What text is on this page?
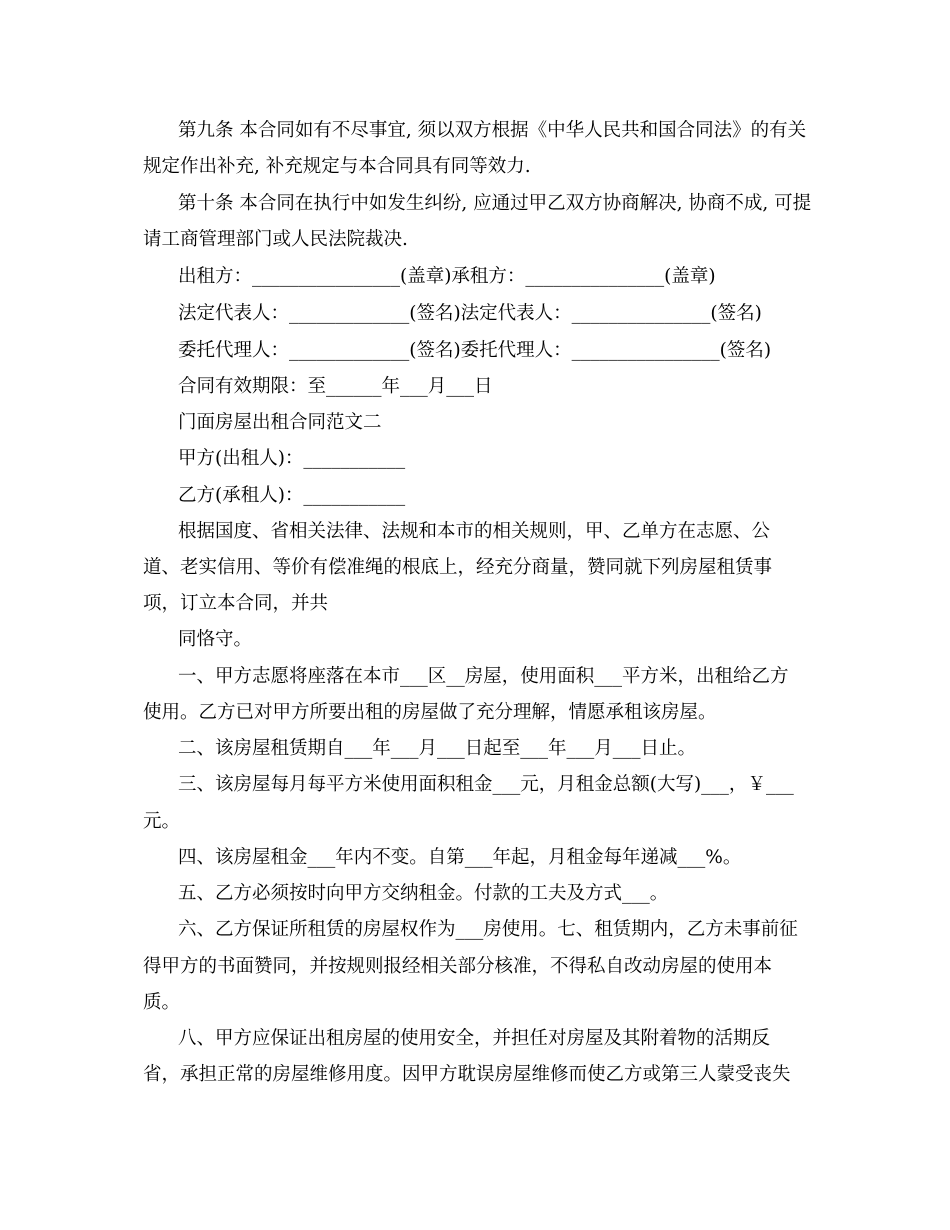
第九条 本合同如有不尽事宜, 须以双方根据《中华人民共和国合同法》的有关
规定作出补充, 补充规定与本合同具有同等效力.
第十条 本合同在执行中如发生纠纷, 应通过甲乙双方协商解决, 协商不成, 可提
请工商管理部门或人民法院裁决.
出租方：________________(盖章)承租方：_______________(盖章)
法定代表人：_____________(签名)法定代表人：_______________(签名)
委托代理人：_____________(签名)委托代理人：________________(签名)
合同有效期限：至______年___月___日
门面房屋出租合同范文二
甲方(出租人)：___________
乙方(承租人)：___________
根据国度、省相关法律、法规和本市的相关规则，甲、乙单方在志愿、公
道、老实信用、等价有偿准绳的根底上，经充分商量，赞同就下列房屋租赁事
项，订立本合同，并共
同恪守。
一、甲方志愿将座落在本市___区__房屋，使用面积___平方米，出租给乙方
使用。乙方已对甲方所要出租的房屋做了充分理解，情愿承租该房屋。
二、该房屋租赁期自___年___月___日起至___年___月___日止。
三、该房屋每月每平方米使用面积租金___元，月租金总额(大写)___，￥___
元。
四、该房屋租金___年内不变。自第___年起，月租金每年递减___%。
五、乙方必须按时向甲方交纳租金。付款的工夫及方式___。
六、乙方保证所租赁的房屋权作为___房使用。七、租赁期内，乙方未事前征
得甲方的书面赞同，并按规则报经相关部分核准，不得私自改动房屋的使用本
质。
八、甲方应保证出租房屋的使用安全，并担任对房屋及其附着物的活期反
省，承担正常的房屋维修用度。因甲方耽误房屋维修而使乙方或第三人蒙受丧失
